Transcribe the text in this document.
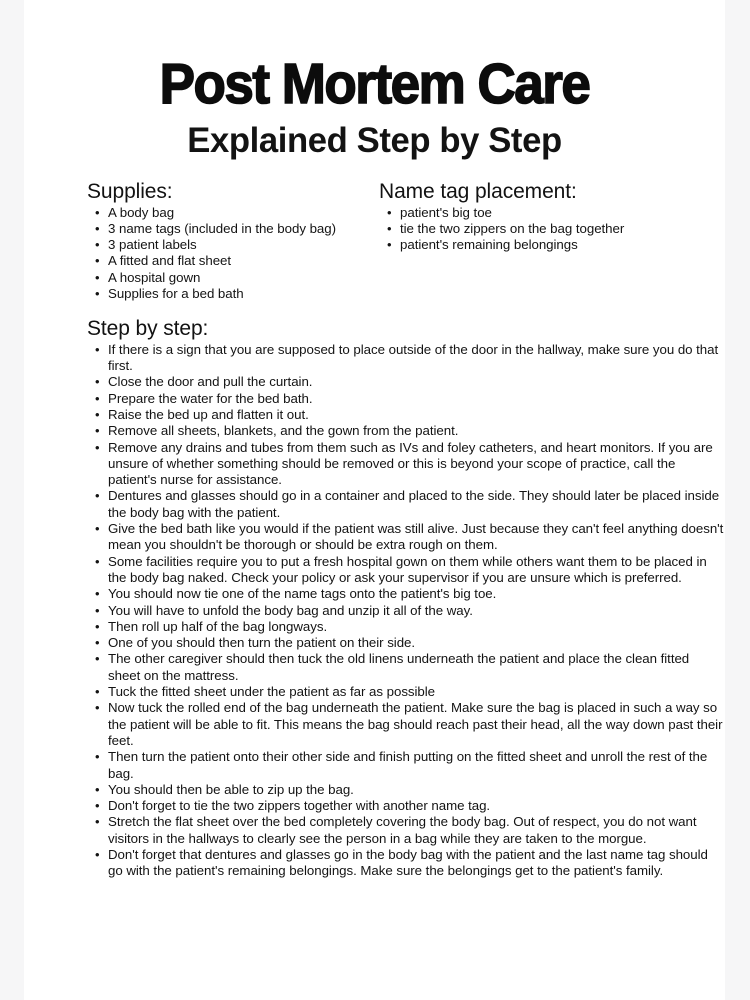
Post Mortem Care
Explained Step by Step
Supplies:
• A body bag
• 3 name tags (included in the body bag)
• 3 patient labels
• A fitted and flat sheet
• A hospital gown
• Supplies for a bed bath
Name tag placement:
• patient's big toe
• tie the two zippers on the bag together
• patient's remaining belongings
Step by step:
• If there is a sign that you are supposed to place outside of the door in the hallway, make sure you do that first.
• Close the door and pull the curtain.
• Prepare the water for the bed bath.
• Raise the bed up and flatten it out.
• Remove all sheets, blankets, and the gown from the patient.
• Remove any drains and tubes from them such as IVs and foley catheters, and heart monitors. If you are unsure of whether something should be removed or this is beyond your scope of practice, call the patient's nurse for assistance.
• Dentures and glasses should go in a container and placed to the side. They should later be placed inside the body bag with the patient.
• Give the bed bath like you would if the patient was still alive. Just because they can't feel anything doesn't mean you shouldn't be thorough or should be extra rough on them.
• Some facilities require you to put a fresh hospital gown on them while others want them to be placed in the body bag naked. Check your policy or ask your supervisor if you are unsure which is preferred.
• You should now tie one of the name tags onto the patient's big toe.
• You will have to unfold the body bag and unzip it all of the way.
• Then roll up half of the bag longways.
• One of you should then turn the patient on their side.
• The other caregiver should then tuck the old linens underneath the patient and place the clean fitted sheet on the mattress.
• Tuck the fitted sheet under the patient as far as possible
• Now tuck the rolled end of the bag underneath the patient. Make sure the bag is placed in such a way so the patient will be able to fit. This means the bag should reach past their head, all the way down past their feet.
• Then turn the patient onto their other side and finish putting on the fitted sheet and unroll the rest of the bag.
• You should then be able to zip up the bag.
• Don't forget to tie the two zippers together with another name tag.
• Stretch the flat sheet over the bed completely covering the body bag. Out of respect, you do not want visitors in the hallways to clearly see the person in a bag while they are taken to the morgue.
• Don't forget that dentures and glasses go in the body bag with the patient and the last name tag should go with the patient's remaining belongings. Make sure the belongings get to the patient's family.
